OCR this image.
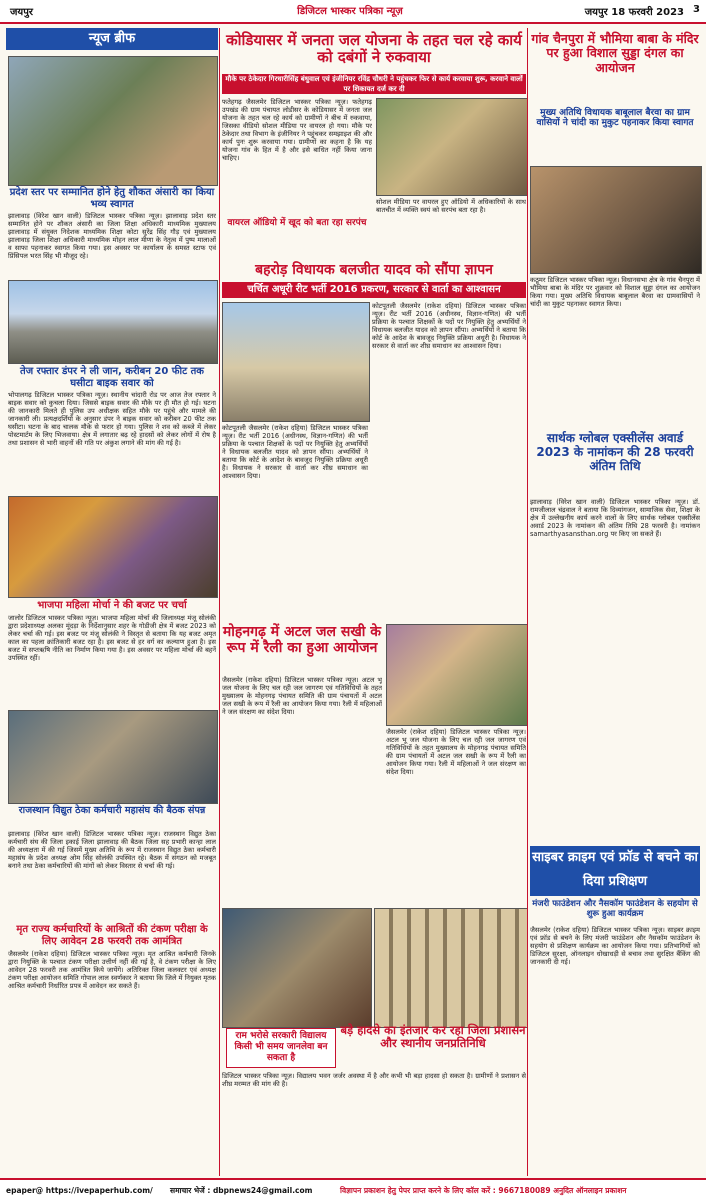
जयपुर	डिजिटल भास्कर पत्रिका न्यूज़	जयपुर 18 फरवरी 2023 3
न्यूज ब्रीफ
प्रदेश स्तर पर सम्मानित होने हेतु शौकत अंसारी का किया भव्य स्वागत
झालावाड़ (विरेश खान वाली) डिजिटल भास्कर पत्रिका न्यूज़। झालावाड़ प्रदेश स्तर सम्मानित होने पर शौकत अंसारी का जिला शिक्षा अधिकारी माध्यमिक मुख्यालय झालावाड़ में संयुक्त निदेशक माध्यमिक शिक्षा कोटा सुरेंद्र सिंह गौड़ एवं मुख्यालय झालावाड़ जिला शिक्षा अधिकारी माध्यमिक मोहन लाल मीणा के नेतृत्व में पुष्प मालाओं व साफा पहनाकर स्वागत किया गया। इस अवसर पर कार्यालय के समस्त स्टाफ एवं प्रिंसिपल भरत सिंह भी मौजूद रहे।
तेज रफ्तार डंपर ने ली जान, करीबन 20 फीट तक घसीटा बाइक सवार को
भोपालगढ़ डिजिटल भास्कर पत्रिका न्यूज़। स्थानीय चांदारी रोड पर आज तेज रफ्तार ने बाइक सवार को कुचला दिया। जिससे बाइक सवार की मौके पर ही मौत हो गई। घटना की जानकारी मिलते ही पुलिस उप अधीक्षक सहित मौके पर पहुंचे और मामले की जानकारी ली। प्रत्यक्षदर्शियों के अनुसार डंपर ने बाइक सवार को करीबन 20 फीट तक घसीटा। घटना के बाद चालक मौके से फरार हो गया। पुलिस ने शव को कब्जे में लेकर पोस्टमार्टम के लिए भिजवाया। क्षेत्र में लगातार बढ़ रहे हादसों को लेकर लोगों में रोष है तथा प्रशासन से भारी वाहनों की गति पर अंकुश लगाने की मांग की गई है।
भाजपा महिला मोर्चा ने की बजट पर चर्चा
जालोर डिजिटल भास्कर पत्रिका न्यूज़। भाजपा महिला मोर्चा की जिलाध्यक्ष मंजू सोलंकी द्वारा प्रदेशाध्यक्ष अलका मूंदड़ा के निर्देशानुसार शहर के गोडीजी क्षेत्र में बजट 2023 को लेकर चर्चा की गई। इस बजट पर मंजू सोलंकी ने विस्तृत से बताया कि यह बजट अमृत काल का पहला क्रांतिकारी बजट रहा है। इस बजट से हर वर्ग का कल्याण हुआ है। इस बजट में सप्तऋषि नीति का निर्माण किया गया है। इस अवसर पर महिला मोर्चा की बहनें उपस्थित रहीं।
राजस्थान विद्युत ठेका कर्मचारी महासंघ की बैठक संपन्न
झालावाड़ (विरेश खान वाली) डिजिटल भास्कर पत्रिका न्यूज़। राजस्थान विद्युत ठेका कर्मचारी संघ की जिला इकाई जिला झालावाड़ की बैठक जिला सह प्रभारी कान्हा लाल की अध्यक्षता में की गई जिसमें मुख्य अतिथि के रूप में राजस्थान विद्युत ठेका कर्मचारी महासंघ के प्रदेश अध्यक्ष ओम सिंह सोलंकी उपस्थित रहे। बैठक में संगठन को मजबूत बनाने तथा ठेका कर्मचारियों की मांगों को लेकर विस्तार से चर्चा की गई।
मृत राज्य कर्मचारियों के आश्रितों की टंकण परीक्षा के लिए आवेदन 28 फरवरी तक आमंत्रित
जैसलमेर (राकेश दहिया) डिजिटल भास्कर पत्रिका न्यूज़। मृत आश्रित कर्मचारी जिनके द्वारा नियुक्ति के पश्चात टंकण परीक्षा उत्तीर्ण नहीं की गई है, वे टंकण परीक्षा के लिए आवेदन 28 फरवरी तक आमंत्रित किये जायेंगे। अतिरिक्त जिला कलक्टर एवं अध्यक्ष टंकण परीक्षा आयोजन समिति गोपाल लाल स्वर्णकार ने बताया कि जिले में नियुक्त मृतक आश्रित कर्मचारी निर्धारित प्रपत्र में आवेदन कर सकते हैं।
कोडियासर में जनता जल योजना के तहत चल रहे कार्य को दबंगों ने रुकवाया
मौके पर ठेकेदार गिरधारीसिंह बंधुवाल एवं इंजीनियर रविंद्र चौधरी ने पहुंचकर फिर से कार्य करवाया शुरू, करवाने वालों पर शिकायत दर्ज कर दी
फतेहगढ़ जैसलमेर डिजिटल भास्कर पत्रिका न्यूज़। फतेहगढ़ उपखंड की ग्राम पंचायत लोडीसर के कोडियासर में जनता जल योजना के तहत चल रहे कार्य को ग्रामीणों ने बीच में रुकवाया, जिसका वीडियो सोशल मीडिया पर वायरल हो गया। मौके पर ठेकेदार तथा विभाग के इंजीनियर ने पहुंचकर समझाइश की और कार्य पुनः शुरू करवाया गया। ग्रामीणों का कहना है कि यह योजना गांव के हित में है और इसे बाधित नहीं किया जाना चाहिए।
सोशल मीडिया पर वायरल हुए ऑडियो में अधिकारियों के साथ बातचीत में व्यक्ति स्वयं को सरपंच बता रहा है।
वायरल ऑडियो में खूद को बता रहा सरपंच
बहरोड़ विधायक बलजीत यादव को सौंपा ज्ञापन
चर्चित अधूरी रीट भर्ती 2016 प्रकरण, सरकार से वार्ता का आश्वासन
कोटपूतली जैसलमेर (राकेश दहिया) डिजिटल भास्कर पत्रिका न्यूज़। रीट भर्ती 2016 (अधीनस्थ, विज्ञान-गणित) की भर्ती प्रक्रिया के पश्चात शिक्षकों के पदों पर नियुक्ति हेतु अभ्यर्थियों ने विधायक बलजीत यादव को ज्ञापन सौंपा। अभ्यर्थियों ने बताया कि कोर्ट के आदेश के बावजूद नियुक्ति प्रक्रिया अधूरी है। विधायक ने सरकार से वार्ता कर शीघ्र समाधान का आश्वासन दिया।
कोटपूतली जैसलमेर (राकेश दहिया) डिजिटल भास्कर पत्रिका न्यूज़। रीट भर्ती 2016 (अधीनस्थ, विज्ञान-गणित) की भर्ती प्रक्रिया के पश्चात शिक्षकों के पदों पर नियुक्ति हेतु अभ्यर्थियों ने विधायक बलजीत यादव को ज्ञापन सौंपा। अभ्यर्थियों ने बताया कि कोर्ट के आदेश के बावजूद नियुक्ति प्रक्रिया अधूरी है। विधायक ने सरकार से वार्ता कर शीघ्र समाधान का आश्वासन दिया।
मोहनगढ़ में अटल जल सखी के रूप में रैली का हुआ आयोजन
जैसलमेर (राकेश दहिया) डिजिटल भास्कर पत्रिका न्यूज़। अटल भू जल योजना के लिए चल रही जल जागरण एवं गतिविधियों के तहत मुख्यालय के मोहनगढ़ पंचायत समिति की ग्राम पंचायतों में अटल जल सखी के रूप में रैली का आयोजन किया गया। रैली में महिलाओं ने जल संरक्षण का संदेश दिया।
जैसलमेर (राकेश दहिया) डिजिटल भास्कर पत्रिका न्यूज़। अटल भू जल योजना के लिए चल रही जल जागरण एवं गतिविधियों के तहत मुख्यालय के मोहनगढ़ पंचायत समिति की ग्राम पंचायतों में अटल जल सखी के रूप में रैली का आयोजन किया गया। रैली में महिलाओं ने जल संरक्षण का संदेश दिया।
राम भरोसे सरकारी विद्यालय किसी भी समय जानलेवा बन सकता है
बड़े हादसे का इंतजार कर रहा जिला प्रशासन और स्थानीय जनप्रतिनिधि
डिजिटल भास्कर पत्रिका न्यूज़। विद्यालय भवन जर्जर अवस्था में है और कभी भी बड़ा हादसा हो सकता है। ग्रामीणों ने प्रशासन से शीघ्र मरम्मत की मांग की है।
गांव चैनपुरा में भौमिया बाबा के मंदिर पर हुआ विशाल सुड्डा दंगल का आयोजन
मुख्य अतिथि विधायक बाबूलाल बैरवा का ग्राम वासियों ने चांदी का मुकुट पहनाकर किया स्वागत
कठूमर डिजिटल भास्कर पत्रिका न्यूज़। विधानसभा क्षेत्र के गांव चैनपुरा में भौमिया बाबा के मंदिर पर शुक्रवार को विशाल सुड्डा दंगल का आयोजन किया गया। मुख्य अतिथि विधायक बाबूलाल बैरवा का ग्रामवासियों ने चांदी का मुकुट पहनाकर स्वागत किया।
सार्थक ग्लोबल एक्सीलेंस अवार्ड 2023 के नामांकन की 28 फरवरी अंतिम तिथि
झालावाड़ (विरेश खान वाली) डिजिटल भास्कर पत्रिका न्यूज़। डॉ. रामजीलाल चंद्रवाल ने बताया कि दिव्यांगजन, सामाजिक सेवा, शिक्षा के क्षेत्र में उल्लेखनीय कार्य करने वालों के लिए सार्थक ग्लोबल एक्सीलेंस अवार्ड 2023 के नामांकन की अंतिम तिथि 28 फरवरी है। नामांकन samarthyasansthan.org पर किए जा सकते हैं।
साइबर क्राइम एवं फ्रॉड से बचने का दिया प्रशिक्षण
मंजरी फाउंडेशन और नैसकॉम फाउंडेशन के सहयोग से शुरू हुआ कार्यक्रम
जैसलमेर (राकेश दहिया) डिजिटल भास्कर पत्रिका न्यूज़। साइबर क्राइम एवं फ्रॉड से बचने के लिए मंजरी फाउंडेशन और नैसकॉम फाउंडेशन के सहयोग से प्रशिक्षण कार्यक्रम का आयोजन किया गया। प्रतिभागियों को डिजिटल सुरक्षा, ऑनलाइन धोखाधड़ी से बचाव तथा सुरक्षित बैंकिंग की जानकारी दी गई।
epaper@ https://ivepaperhub.com/ समाचार भेजें : dbpnews24@gmail.com	विज्ञापन प्रकाशन हेतु पेपर प्राप्त करने के लिए कॉल करें : 9667180089 अनुदित ऑनलाइन प्रकाशन
